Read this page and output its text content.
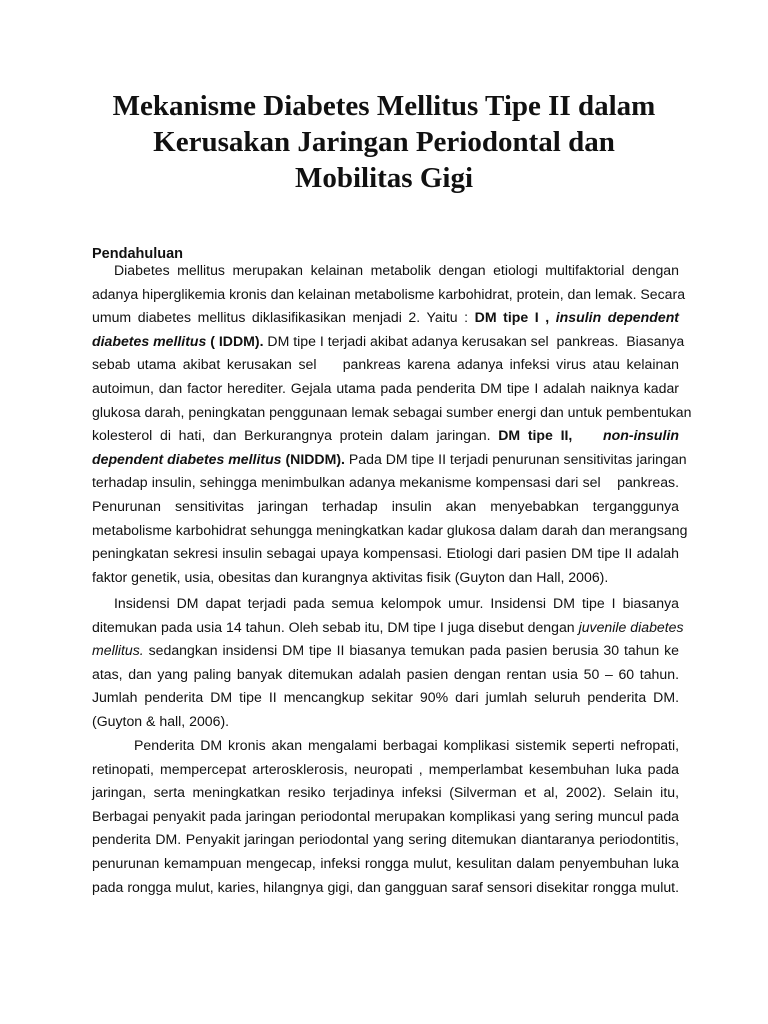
Mekanisme Diabetes Mellitus Tipe II dalam
Kerusakan Jaringan Periodontal dan
Mobilitas Gigi
Pendahuluan
Diabetes mellitus merupakan kelainan metabolik dengan etiologi multifaktorial dengan
adanya hiperglikemia kronis dan kelainan metabolisme karbohidrat, protein, dan lemak. Secara
umum diabetes mellitus diklasifikasikan menjadi 2. Yaitu : DM tipe I , insulin dependent
diabetes mellitus ( IDDM). DM tipe I terjadi akibat adanya kerusakan sel  pankreas.  Biasanya
sebab utama akibat kerusakan sel    pankreas karena adanya infeksi virus atau kelainan
autoimun, dan factor herediter. Gejala utama pada penderita DM tipe I adalah naiknya kadar
glukosa darah, peningkatan penggunaan lemak sebagai sumber energi dan untuk pembentukan
kolesterol di hati, dan Berkurangnya protein dalam jaringan. DM tipe II,    non-insulin
dependent diabetes mellitus (NIDDM). Pada DM tipe II terjadi penurunan sensitivitas jaringan
terhadap insulin, sehingga menimbulkan adanya mekanisme kompensasi dari sel    pankreas.
Penurunan sensitivitas jaringan terhadap insulin akan menyebabkan terganggunya
metabolisme karbohidrat sehungga meningkatkan kadar glukosa dalam darah dan merangsang
peningkatan sekresi insulin sebagai upaya kompensasi. Etiologi dari pasien DM tipe II adalah
faktor genetik, usia, obesitas dan kurangnya aktivitas fisik (Guyton dan Hall, 2006).
Insidensi DM dapat terjadi pada semua kelompok umur. Insidensi DM tipe I biasanya
ditemukan pada usia 14 tahun. Oleh sebab itu, DM tipe I juga disebut dengan juvenile diabetes
mellitus. sedangkan insidensi DM tipe II biasanya temukan pada pasien berusia 30 tahun ke
atas, dan yang paling banyak ditemukan adalah pasien dengan rentan usia 50 – 60 tahun.
Jumlah penderita DM tipe II mencangkup sekitar 90% dari jumlah seluruh penderita DM.
(Guyton & hall, 2006).
Penderita DM kronis akan mengalami berbagai komplikasi sistemik seperti nefropati,
retinopati, mempercepat arterosklerosis, neuropati , memperlambat kesembuhan luka pada
jaringan, serta meningkatkan resiko terjadinya infeksi (Silverman et al, 2002). Selain itu,
Berbagai penyakit pada jaringan periodontal merupakan komplikasi yang sering muncul pada
penderita DM. Penyakit jaringan periodontal yang sering ditemukan diantaranya periodontitis,
penurunan kemampuan mengecap, infeksi rongga mulut, kesulitan dalam penyembuhan luka
pada rongga mulut, karies, hilangnya gigi, dan gangguan saraf sensori disekitar rongga mulut.
